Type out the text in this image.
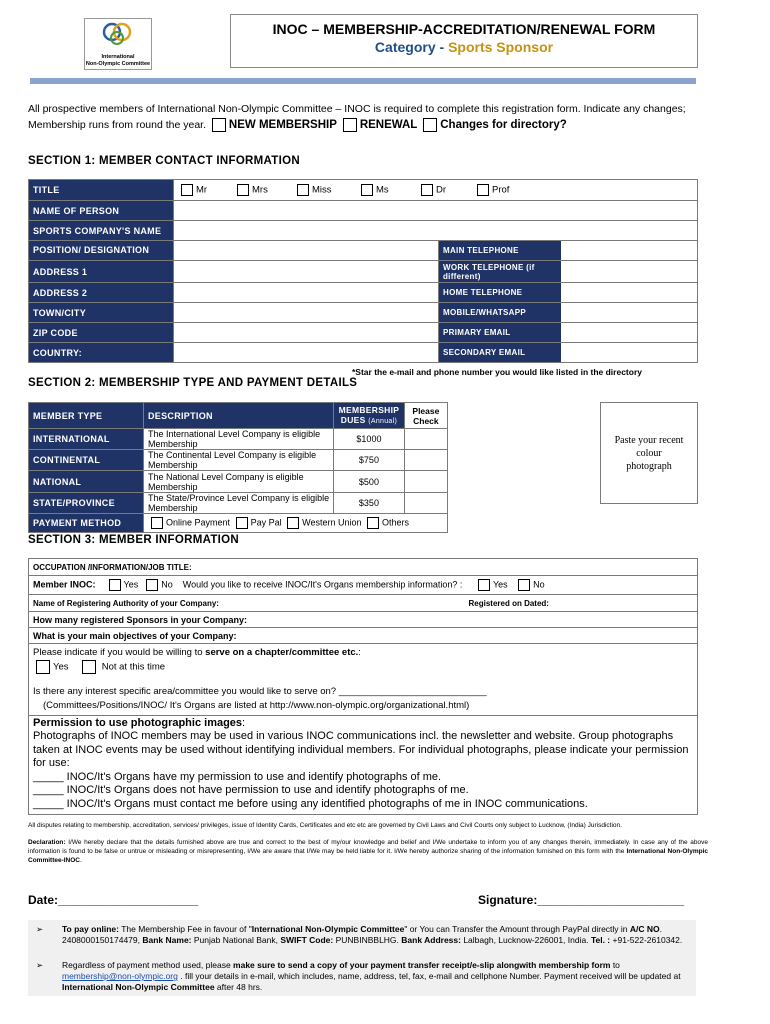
International
Non-Olympic Committee
INOC – MEMBERSHIP-ACCREDITATION/RENEWAL FORM
Category - Sports Sponsor
All prospective members of International Non-Olympic Committee – INOC is required to complete this registration form. Indicate any changes; Membership runs from round the year. NEW MEMBERSHIP RENEWAL Changes for directory?
SECTION 1: MEMBER CONTACT INFORMATION
TITLE	Mr Mrs Miss Ms Dr Prof	
NAME OF PERSON		
SPORTS COMPANY'S NAME		
POSITION/ DESIGNATION		MAIN TELEPHONE

ADDRESS 1		WORK TELEPHONE (if different)

ADDRESS 2		HOME TELEPHONE

TOWN/CITY		MOBILE/WHATSAPP

ZIP CODE		PRIMARY EMAIL

COUNTRY:		SECONDARY EMAIL
*Star the e-mail and phone number you would like listed in the directory
SECTION 2: MEMBERSHIP TYPE AND PAYMENT DETAILS
MEMBER TYPE	DESCRIPTION	MEMBERSHIP DUES (Annual)	Please Check
INTERNATIONAL	The International Level Company is eligible Membership	$1000	
CONTINENTAL	The Continental Level Company is eligible Membership	$750	
NATIONAL	The National Level Company is eligible Membership	$500	
STATE/PROVINCE	The State/Province Level Company is eligible Membership	$350	
PAYMENT METHOD	Online Payment Pay Pal Western Union Others		
Paste your recent colour photograph
SECTION 3: MEMBER INFORMATION
OCCUPATION /INFORMATION/JOB TITLE:
Member INOC:	Yes	No Would you like to receive INOC/It's Organs membership information? :	Yes	No
Name of Registering Authority of your Company:	Registered on Dated:

How many registered Sponsors in your Company:
What is your main objectives of your Company:

Please indicate if you would be willing to serve on a chapter/committee etc.:
Yes	Not at this time
Is there any interest specific area/committee you would like to serve on? ____________________________
(Committees/Positions/INOC/ It's Organs are listed at http://www.non-olympic.org/organizational.html)

Permission to use photographic images:
Photographs of INOC members may be used in various INOC communications incl. the newsletter and website. Group photographs taken at INOC events may be used without identifying individual members. For individual photographs, please indicate your permission for use:
_____ INOC/It's Organs have my permission to use and identify photographs of me.
_____ INOC/It's Organs does not have permission to use and identify photographs of me.
_____ INOC/It's Organs must contact me before using any identified photographs of me in INOC communications.
All disputes relating to membership, accreditation, services/ privileges, issue of Identity Cards, Certificates and etc etc are governed by Civil Laws and Civil Courts only subject to Lucknow, (India) Jurisdiction.
Declaration: I/We hereby declare that the details furnished above are true and correct to the best of my/our knowledge and belief and I/We undertake to inform you of any changes therein, immediately. In case any of the above information is found to be false or untrue or misleading or misrepresenting, I/We are aware that I/We may be held liable for it. I/We hereby authorize sharing of the information furnished on this form with the International Non-Olympic Committee-INOC.
Date:_____________________	Signature:______________________
➢ To pay online: The Membership Fee in favour of "International Non-Olympic Committee" or You can Transfer the Amount through PayPal directly in A/C NO. 240800015017447​9, Bank Name: Punjab National Bank, SWIFT Code: PUNBINBBLHG. Bank Address: Lalbagh, Lucknow-226001, India. Tel. : +91-522-2610342.
➢ Regardless of payment method used, please make sure to send a copy of your payment transfer receipt/e-slip alongwith membership form to membership@non-olympic.org . fill your details in e-mail, which includes, name, address, tel, fax, e-mail and cellphone Number. Payment received will be updated at International Non-Olympic Committee after 48 hrs.
